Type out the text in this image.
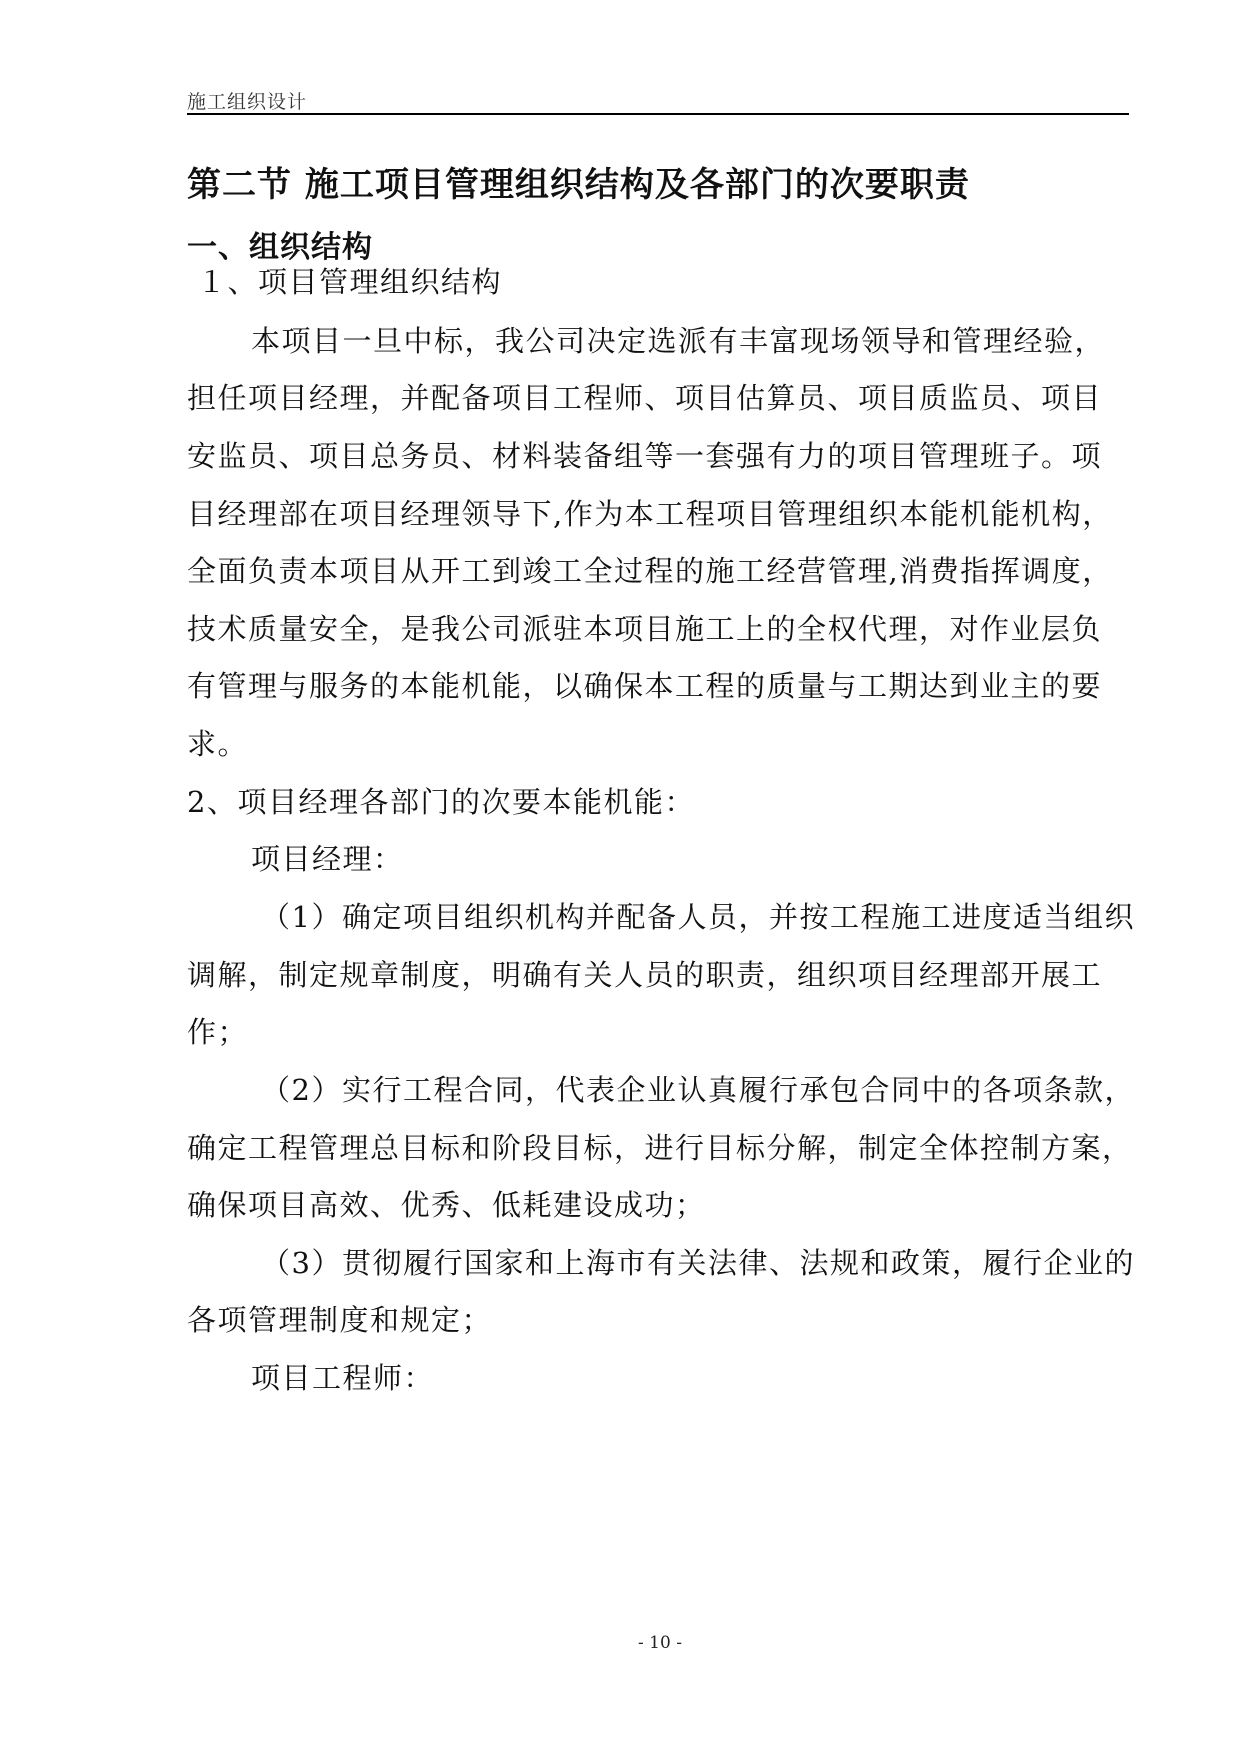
施工组织设计
第二节 施工项目管理组织结构及各部门的次要职责
一、组织结构
１、项目管理组织结构
本项目一旦中标，我公司决定选派有丰富现场领导和管理经验，
担任项目经理，并配备项目工程师、项目估算员、项目质监员、项目
安监员、项目总务员、材料装备组等一套强有力的项目管理班子。项
目经理部在项目经理领导下,作为本工程项目管理组织本能机能机构，
全面负责本项目从开工到竣工全过程的施工经营管理,消费指挥调度，
技术质量安全，是我公司派驻本项目施工上的全权代理，对作业层负
有管理与服务的本能机能，以确保本工程的质量与工期达到业主的要
求。
2、项目经理各部门的次要本能机能：
项目经理：
（1）确定项目组织机构并配备人员，并按工程施工进度适当组织
调解，制定规章制度，明确有关人员的职责，组织项目经理部开展工
作；
（2）实行工程合同，代表企业认真履行承包合同中的各项条款，
确定工程管理总目标和阶段目标，进行目标分解，制定全体控制方案，
确保项目高效、优秀、低耗建设成功；
（3）贯彻履行国家和上海市有关法律、法规和政策，履行企业的
各项管理制度和规定；
项目工程师：
- 10 -
